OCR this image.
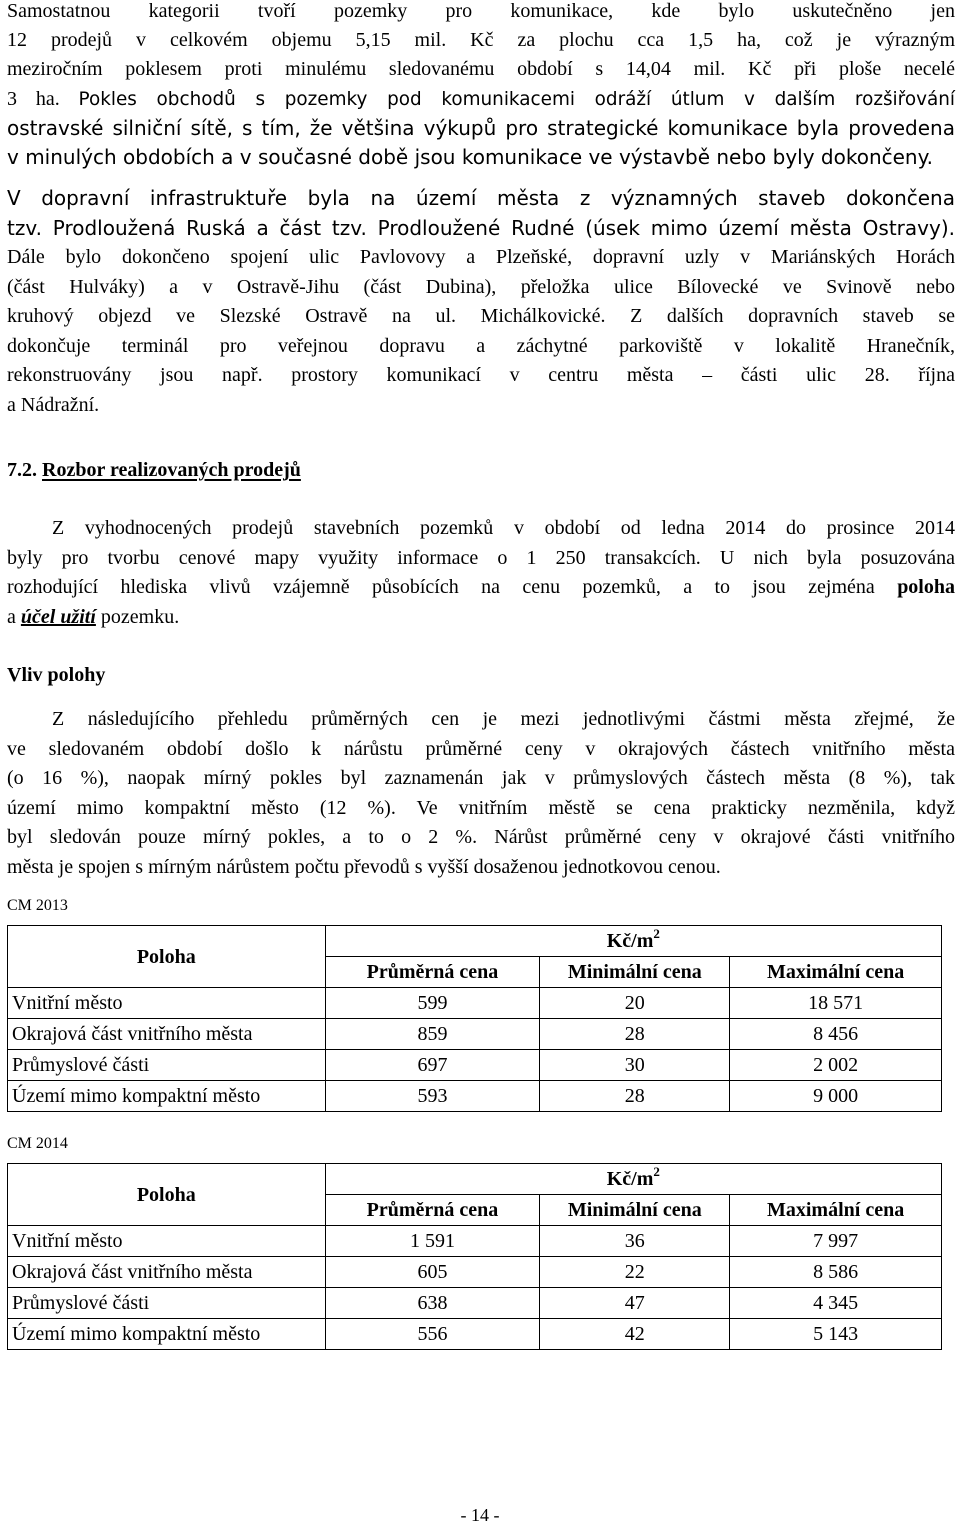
Samostatnou kategorii tvoří pozemky pro komunikace, kde bylo uskutečněno jen

12 prodejů v celkovém objemu 5,15 mil. Kč za plochu cca 1,5 ha, což je výrazným

meziročním poklesem proti minulému sledovanému období s 14,04 mil. Kč při ploše necelé

3 ha. Pokles obchodů s pozemky pod komunikacemi odráží útlum v dalším rozšiřování

ostravské silniční sítě, s tím, že většina výkupů pro strategické komunikace byla provedena

v minulých obdobích a v současné době jsou komunikace ve výstavbě nebo byly dokončeny.

V dopravní infrastruktuře byla na území města z významných staveb dokončena

tzv. Prodloužená Ruská a část tzv. Prodloužené Rudné (úsek mimo území města Ostravy).

Dále bylo dokončeno spojení ulic Pavlovovy a Plzeňské, dopravní uzly v Mariánských Horách

(část Hulváky) a v Ostravě-Jihu (část Dubina), přeložka ulice Bílovecké ve Svinově nebo

kruhový objezd ve Slezské Ostravě na ul. Michálkovické. Z dalších dopravních staveb se

dokončuje terminál pro veřejnou dopravu a záchytné parkoviště v lokalitě Hranečník,

rekonstruovány jsou např. prostory komunikací v centru města – části ulic 28. října

a Nádražní.

7.2. Rozbor realizovaných prodejů

Z vyhodnocených prodejů stavebních pozemků v období od ledna 2014 do prosince 2014

byly pro tvorbu cenové mapy využity informace o 1 250 transakcích. U nich byla posuzována

rozhodující hlediska vlivů vzájemně působících na cenu pozemků, a to jsou zejména poloha

a účel užití pozemku.

Vliv polohy

Z následujícího přehledu průměrných cen je mezi jednotlivými částmi města zřejmé, že

ve sledovaném období došlo k nárůstu průměrné ceny v okrajových částech vnitřního města

(o 16 %), naopak mírný pokles byl zaznamenán jak v průmyslových částech města (8 %), tak

území mimo kompaktní město (12 %). Ve vnitřním městě se cena prakticky nezměnila, když

byl sledován pouze mírný pokles, a to o 2 %. Nárůst průměrné ceny v okrajové části vnitřního

města je spojen s mírným nárůstem počtu převodů s vyšší dosaženou jednotkovou cenou.

CM 2013

Poloha	$Kč/m^2$
	Průměrná cena	Minimální cena	Maximální cena
Vnitřní město	599	20	18 571
Okrajová část vnitřního města	859	28	8 456
Průmyslové části	697	30	2 002
Území mimo kompaktní město	593	28	9 000

CM 2014

Poloha	$Kč/m^2$
	Průměrná cena	Minimální cena	Maximální cena
Vnitřní město	1 591	36	7 997
Okrajová část vnitřního města	605	22	8 586
Průmyslové části	638	47	4 345
Území mimo kompaktní město	556	42	5 143
- 14 -
